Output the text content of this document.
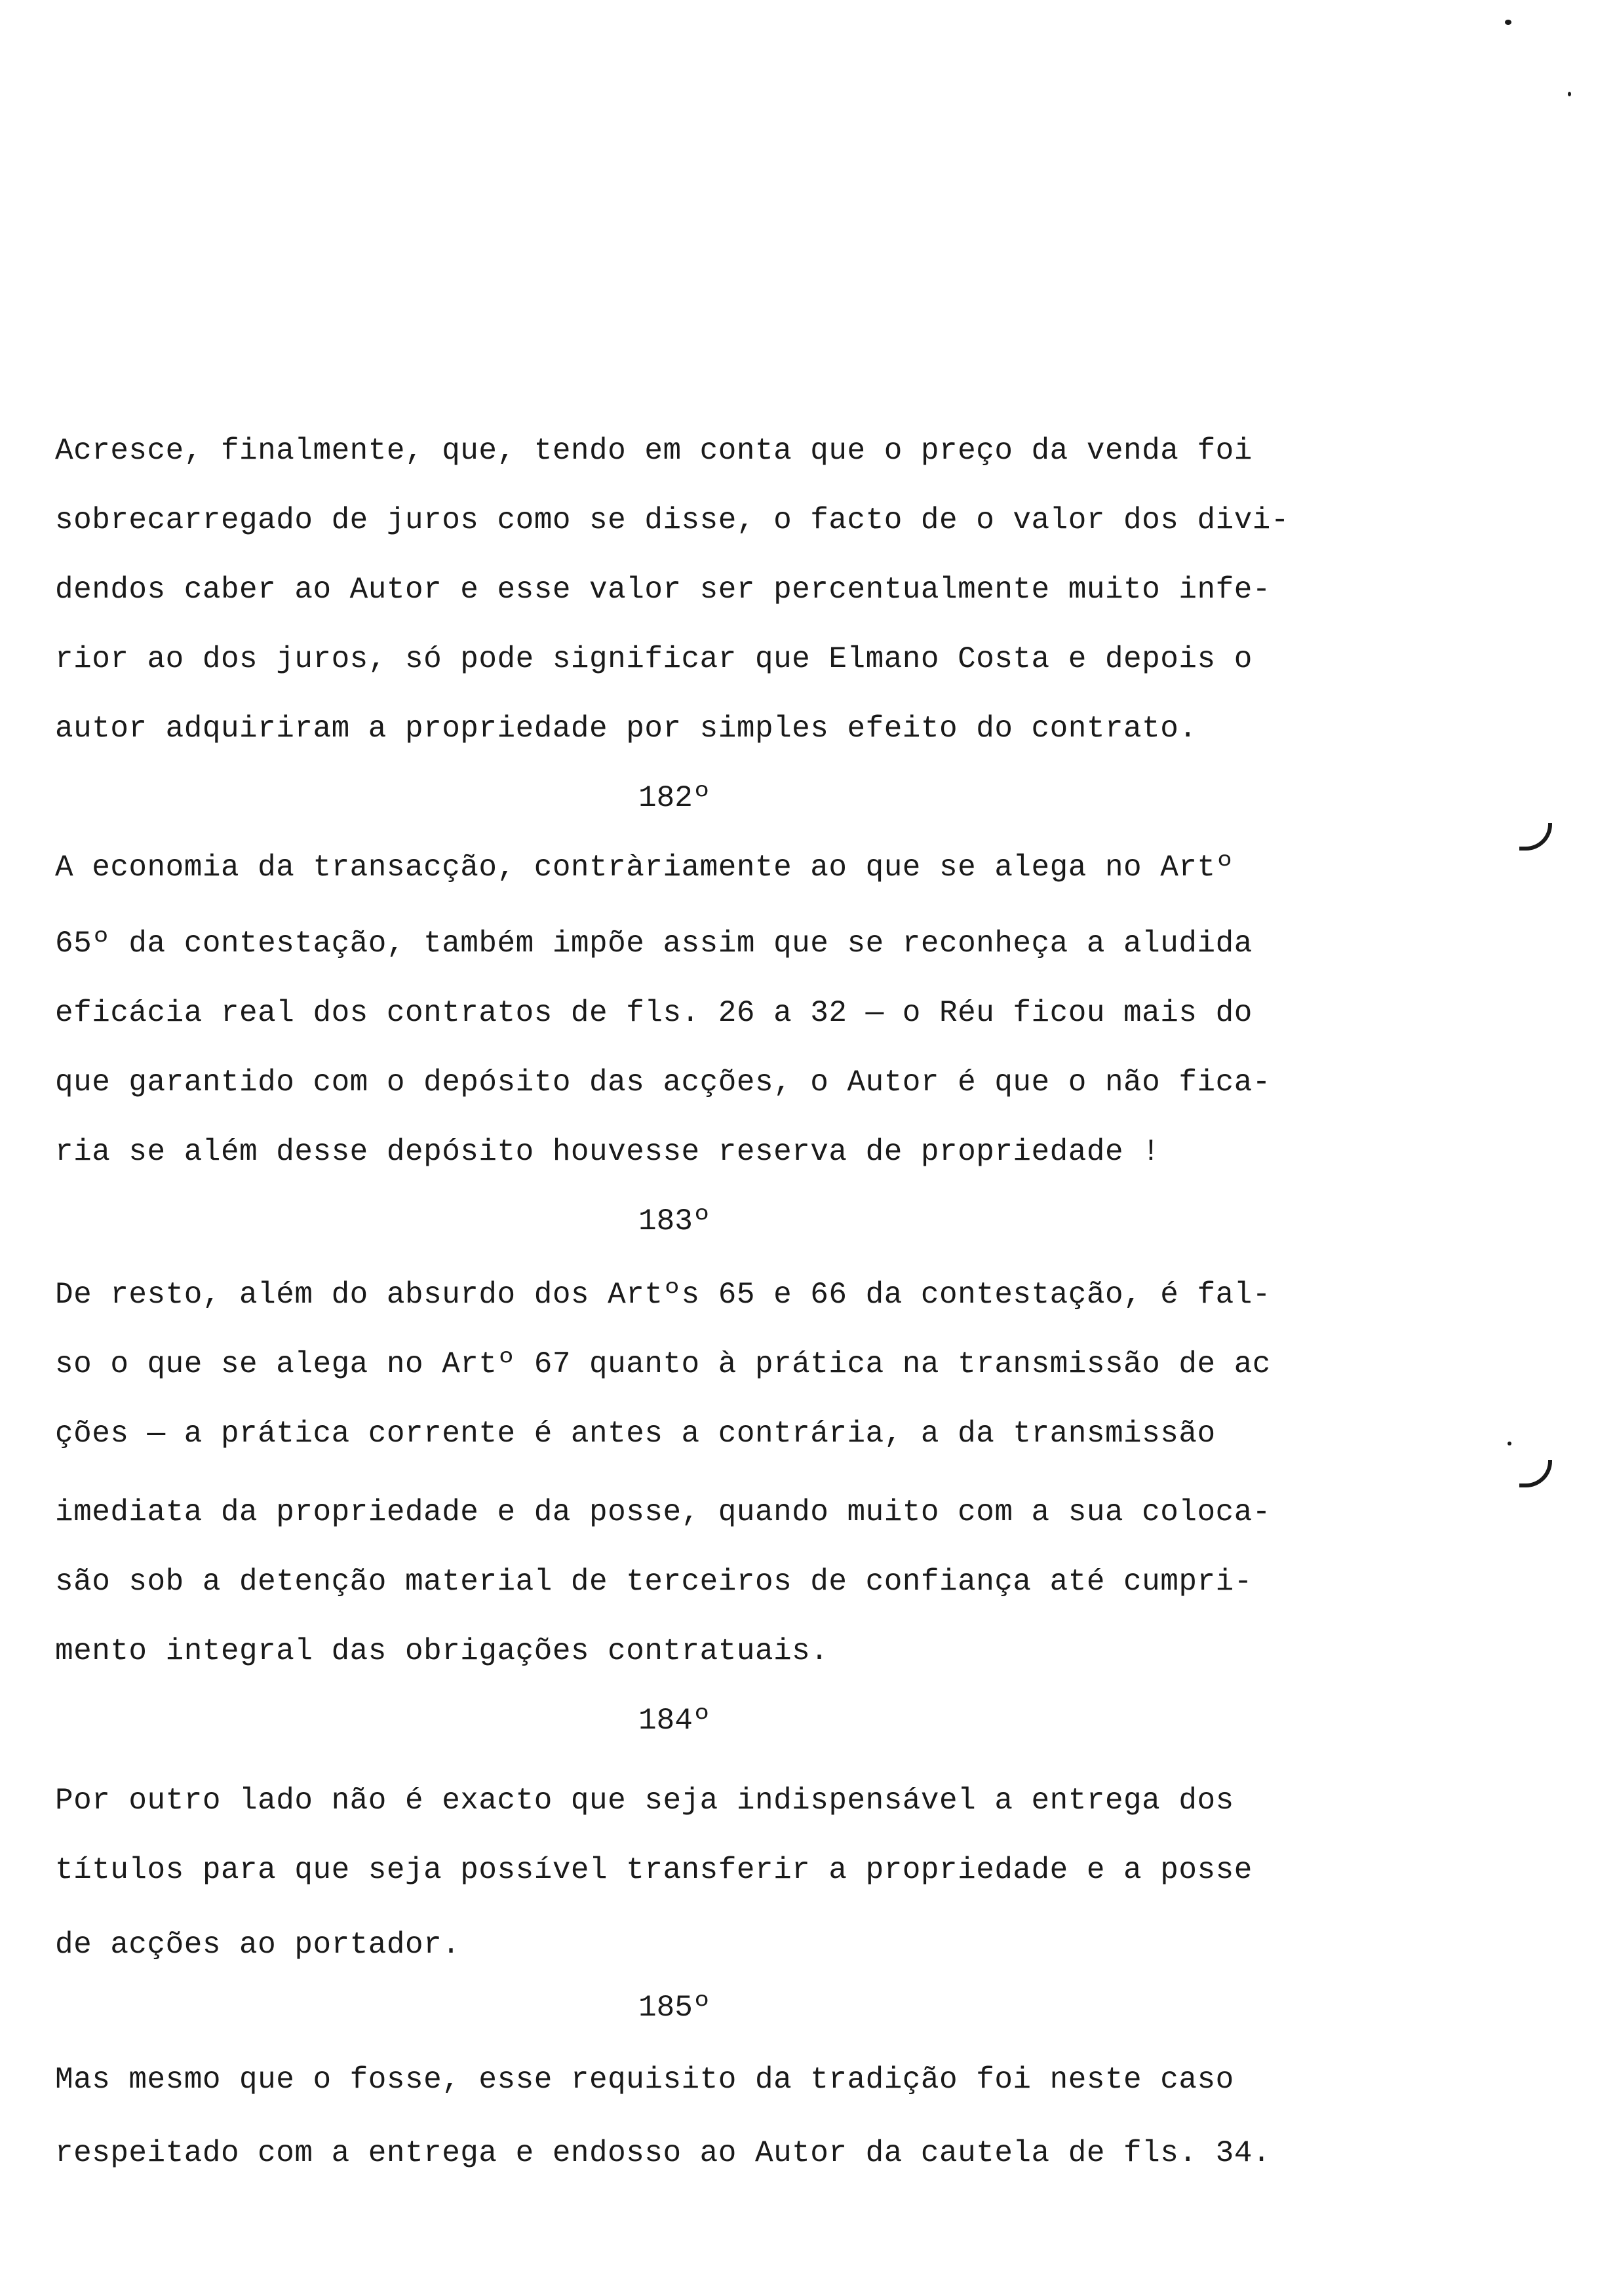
Acresce, finalmente, que, tendo em conta que o preço da venda foi
sobrecarregado de juros como se disse, o facto de o valor dos divi-
dendos caber ao Autor e esse valor ser percentualmente muito infe-
rior ao dos juros, só pode significar que Elmano Costa e depois o
autor adquiriram a propriedade por simples efeito do contrato.
182º
A economia da transacção, contràriamente ao que se alega no Artº
65º da contestação, também impõe assim que se reconheça a aludida
eficácia real dos contratos de fls. 26 a 32 — o Réu ficou mais do
que garantido com o depósito das acções, o Autor é que o não fica-
ria se além desse depósito houvesse reserva de propriedade !
183º
De resto, além do absurdo dos Artºs 65 e 66 da contestação, é fal-
so o que se alega no Artº 67 quanto à prática na transmissão de ac
ções — a prática corrente é antes a contrária, a da transmissão
imediata da propriedade e da posse, quando muito com a sua coloca-
são sob a detenção material de terceiros de confiança até cumpri-
mento integral das obrigações contratuais.
184º
Por outro lado não é exacto que seja indispensável a entrega dos
títulos para que seja possível transferir a propriedade e a posse
de acções ao portador.
185º
Mas mesmo que o fosse, esse requisito da tradição foi neste caso
respeitado com a entrega e endosso ao Autor da cautela de fls. 34.
